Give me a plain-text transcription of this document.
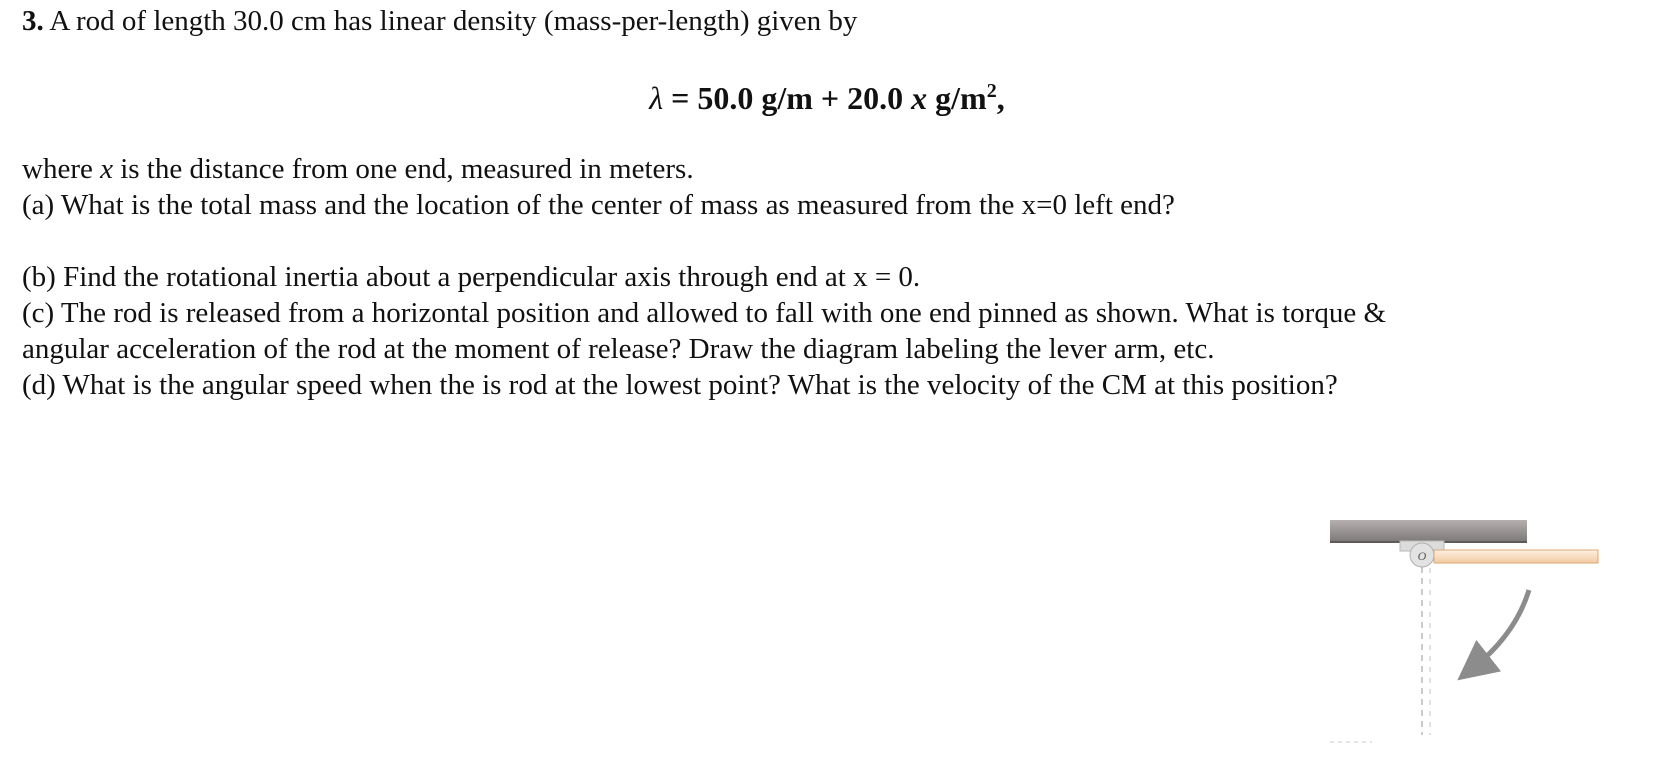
3. A rod of length 30.0 cm has linear density (mass-per-length) given by
λ = 50.0 g/m + 20.0 x $g/m^2$,
where x is the distance from one end, measured in meters.
(a) What is the total mass and the location of the center of mass as measured from the x=0 left end?
(b) Find the rotational inertia about a perpendicular axis through end at x = 0.
(c) The rod is released from a horizontal position and allowed to fall with one end pinned as shown. What is torque &
angular acceleration of the rod at the moment of release? Draw the diagram labeling the lever arm, etc.
(d) What is the angular speed when the is rod at the lowest point? What is the velocity of the CM at this position?
O
